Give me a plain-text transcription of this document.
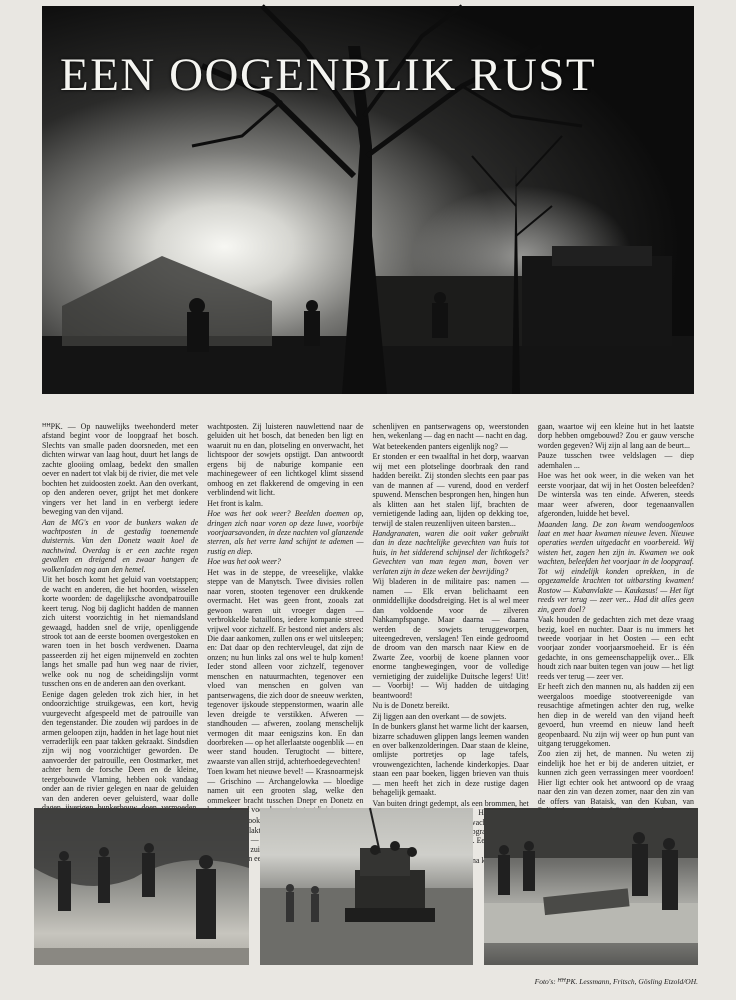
EEN OOGENBLIK RUST

ꟸꟸPK. — Op nauwelijks tweehonderd meter afstand begint voor de loopgraaf het bosch. Slechts van smalle paden doorsneden, met een dichten wirwar van laag hout, duurt het langs de zachte glooiing omlaag, bedekt den smallen oever en nadert tot vlak bij de rivier, die met vele bochten het zuidoosten zoekt. Aan den overkant, op den anderen oever, grijpt het met donkere vingers ver het land in en verbergt iedere beweging van den vijand.

Aan de MG's en voor de bunkers waken de wachtposten in de gestadig toenemende duisternis. Van den Donetz waait koel de nachtwind. Overdag is er een zachte regen gevallen en dreigend en zwaar hangen de wolkenladen nog aan den hemel.

Uit het bosch komt het geluid van voetstappen; de wacht en anderen, die het hoorden, wisselen korte woorden: de dagelijksche avondpatrouille keert terug. Nog bij daglicht hadden de mannen zich uiterst voorzichtig in het niemandsland gewaagd, hadden snel de vrije, openliggende strook tot aan de eerste boomen overgestoken en waren toen in het bosch verdwenen. Daarna passeerden zij het eigen mijnenveld en zochten langs het smalle pad hun weg naar de rivier, welke ook nu nog de scheidingslijn vormt tusschen ons en de anderen aan den overkant.

Eenige dagen geleden trok zich hier, in het ondoorzichtige struikgewas, een kort, hevig vuurgevecht afgespeeld met de patrouille van den tegenstander. Die zouden wij pardoes in de armen geloopen zijn, hadden in het lage hout niet verraderlijk een paar takken gekraakt. Sindsdien zijn wij nog voorzichtiger geworden. De aanvoerder der patrouille, een Oostmarker, met achter hem de forsche Deen en de kleine, teergebouwde Vlaming, hebben ook vandaag onder aan de rivier gelegen en naar de geluiden van den anderen oever geluisterd, waar dolle

wachtposten. Zij luisteren nauwlettend naar de geluiden uit het bosch, dat beneden ben ligt en waaruit nu en dan, plotseling en onverwacht, het lichtspoor der sowjets opstijgt. Dan antwoordt ergens bij de naburige kompanie een machinegeweer of een lichtkogel klimt sissend omhoog en zet flakkerend de omgeving in een verblindend wit licht.

Het front is kalm.

Hoe was het ook weer? Beelden doemen op, dringen zich naar voren op deze luwe, voorbije voorjaarsavonden, in deze nachten vol glanzende sterren, als het verre land schijnt te ademen — rustig en diep.

Hoe was het ook weer?

Het was in de steppe, de vreeselijke, vlakke steppe van de Manytsch. Twee divisies rollen naar voren, stooten tegenover een drukkende overmacht. Het was geen front, zooals zat gewoon waren uit vroeger dagen — verbrokkelde bataillons, iedere kompanie streed vrijwel voor zichzelf. Er bestond niet anders als: Die daar aankomen, zullen ons er wel uitsleepen; en: Dat daar op den rechtervleugel, dat zijn de onzen; nu hun links zal ons wel te hulp komen! Ieder stond alleen voor zichzelf, tegenover menschen en natuurmachten, tegenover een vloed van menschen en golven van pantserwagens, die zich door de sneeuw werkten, tegenover ijskoude steppenstormen, waarin alle leven dreigde te verstikken. Afweren — standhouden — afweren, zoolang menschelijk vermogen dit maar eenigszins kon. En dan doorbreken — op het allerlaatste oogenblik — en weer stand houden. Terugtocht — bittere, zwaarste van allen strijd, achterhoedegevechten!

Toen kwam het nieuwe bevel! — Krasnoarmejsk — Grischino — Archangelowka — bloedige namen uit een grooten slag, welke den ommekeer bracht tusschen Dnepr en Donetz en voor

ook

vlakte —

schenlijven en pantserwagens op, weerstonden hen, wekenlang — dag en nacht — nacht en dag.

Wat beteekenden panters eigenlijk nog? —

Er stonden er een twaalftal in het dorp, waarvan wij met een plotselinge doorbraak den rand hadden bereikt. Zij stonden slechts een paar pas van de mannen af — vurend, dood en verderf spuwend. Menschen besprongen hen, hingen hun als klitten aan het stalen lijf, brachten de vernietigende lading aan, lijden op dekking toe, terwijl de stalen reuzenlijven uiteen barsten...

Handgranaten, waren die ooit vaker gebruikt dan in deze nachtelijke gevechten van huis tot huis, in het sidderend schijnsel der lichtkogels? Gevechten van man tegen man, boven ver verlaten zijn in deze weken der bevrijding?

Wij bladeren in de militaire pas: namen — namen — Elk ervan belichaamt een onmiddellijke doodsdreiging. Het is al wel meer dan voldoende voor de zilveren Nahkampfspange. Maar daarna — daarna werden de sowjets teruggeworpen, uiteengedreven, verslagen! Ten einde gedroomd de droom van den marsch naar Kiew en de Zwarte Zee, voorbij de koene plannen voor enorme tangbewegingen, voor de volledige vernietiging der zuidelijke Duitsche legers! Uit! — Voorbij! — Wij hadden de uitdaging beantwoord!

Nu is de Donetz bereikt.

Zij liggen aan den overkant — de sowjets.

In de bunkers glanst het warme licht der kaarsen, bizarre schaduwen glippen langs leemen wanden en over balkenzolderingen. Daar staan de kleine, omlijste portretjes op lage tafels, vrouwengezichten, lachende kinderkopjes. Daar staan een paar boeken, liggen brieven van thuis — men heeft het zich in deze rustige dagen behagelijk gemaakt.

Van buiten dringt gedempt, als een brommen, het loopgraaf Een

gaan, waartoe wij een kleine hut in het laatste dorp hebben omgebouwd? Zou er gauw versche worden gegeven? Wij zijn al lang aan de beurt...

Pauze tusschen twee veldslagen — diep ademhalen ...

Hoe was het ook weer, in die weken van het eerste voorjaar, dat wij in het Oosten beleefden? De wintersla was ten einde. Afweren, steeds maar weer afweren, door tegenaanvallen afgeronden, luidde het bevel.

Maanden lang. De zon kwam wendoogenloos laat en met haar kwamen nieuwe leven. Nieuwe operaties werden uitgedacht en voorbereid. Wij wisten het, zagen hen zijn in. Kwamen we ook wachten, beleefden het voorjaar in de loopgraaf. Tot wij eindelijk konden oprekken, in de opgezamelde krachten tot uitbarsting kwamen! Rostow — Kubanvlakte — Kaukasus! — Het ligt reeds ver terug — zeer ver... Had dit alles geen zin, geen doel?

Vaak houden de gedachten zich met deze vraag bezig, koel en nuchter. Daar is nu immers het tweede voorjaar in het Oosten — een echt voorjaar zonder voorjaarsmoeheid. Er is één gedachte, in ons gemeenschappelijk over... Elk houdt zich naar buiten tegen van jouw — het ligt reeds ver terug — zeer ver.

Er heeft zich den mannen nu, als hadden zij een weergaloos moedige stootvereenigde van reusachtige afmetingen achter den rug, welke hen diep in de wereld van den vijand heeft gevoerd, hun vreemd en nieuw land heeft geopenbaard. Nu zijn wij weer op hun punt van uitgang teruggekomen.

Zoo zien zij het, de mannen. Nu weten zij eindelijk hoe het er bij de anderen uitziet, er kunnen zich geen verrassingen meer voordoen! Hier ligt echter ook het antwoord op de vraag naar den zin van dezen zomer, naar den zin van de offers van Bataisk, van den Kuban, van

Foto's: ꟸꟸPK. Lessmann, Fritsch, Gösling Etzold/OH.
